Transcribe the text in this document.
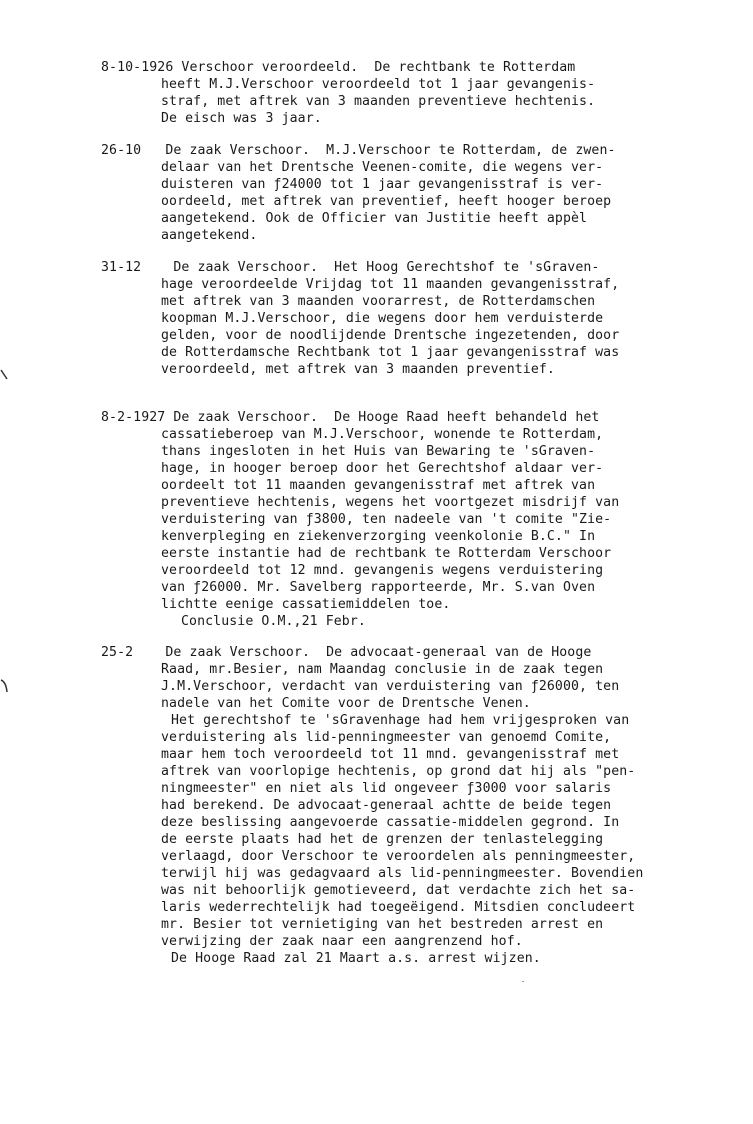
8-10-1926 Verschoor veroordeeld.  De rechtbank te Rotterdam
heeft M.J.Verschoor veroordeeld tot 1 jaar gevangenis-
straf, met aftrek van 3 maanden preventieve hechtenis.
De eisch was 3 jaar.
26-10   De zaak Verschoor.  M.J.Verschoor te Rotterdam, de zwen-
delaar van het Drentsche Veenen-comite, die wegens ver-
duisteren van ƒ24000 tot 1 jaar gevangenisstraf is ver-
oordeeld, met aftrek van preventief, heeft hooger beroep
aangetekend. Ook de Officier van Justitie heeft appèl
aangetekend.
31-12    De zaak Verschoor.  Het Hoog Gerechtshof te 'sGraven-
hage veroordeelde Vrijdag tot 11 maanden gevangenisstraf,
met aftrek van 3 maanden voorarrest, de Rotterdamschen
koopman M.J.Verschoor, die wegens door hem verduisterde
gelden, voor de noodlijdende Drentsche ingezetenden, door
de Rotterdamsche Rechtbank tot 1 jaar gevangenisstraf was
veroordeeld, met aftrek van 3 maanden preventief.
8-2-1927 De zaak Verschoor.  De Hooge Raad heeft behandeld het
cassatieberoep van M.J.Verschoor, wonende te Rotterdam,
thans ingesloten in het Huis van Bewaring te 'sGraven-
hage, in hooger beroep door het Gerechtshof aldaar ver-
oordeelt tot 11 maanden gevangenisstraf met aftrek van
preventieve hechtenis, wegens het voortgezet misdrijf van
verduistering van ƒ3800, ten nadeele van 't comite "Zie-
kenverpleging en ziekenverzorging veenkolonie B.C." In
eerste instantie had de rechtbank te Rotterdam Verschoor
veroordeeld tot 12 mnd. gevangenis wegens verduistering
van ƒ26000. Mr. Savelberg rapporteerde, Mr. S.van Oven
lichtte eenige cassatiemiddelen toe.
Conclusie O.M.,21 Febr.
25-2    De zaak Verschoor.  De advocaat-generaal van de Hooge
Raad, mr.Besier, nam Maandag conclusie in de zaak tegen
J.M.Verschoor, verdacht van verduistering van ƒ26000, ten
nadele van het Comite voor de Drentsche Venen.
Het gerechtshof te 'sGravenhage had hem vrijgesproken van
verduistering als lid-penningmeester van genoemd Comite,
maar hem toch veroordeeld tot 11 mnd. gevangenisstraf met
aftrek van voorlopige hechtenis, op grond dat hij als "pen-
ningmeester" en niet als lid ongeveer ƒ3000 voor salaris
had berekend. De advocaat-generaal achtte de beide tegen
deze beslissing aangevoerde cassatie-middelen gegrond. In
de eerste plaats had het de grenzen der tenlastelegging
verlaagd, door Verschoor te veroordelen als penningmeester,
terwijl hij was gedagvaard als lid-penningmeester. Bovendien
was nit behoorlijk gemotieveerd, dat verdachte zich het sa-
laris wederrechtelijk had toegeëigend. Mitsdien concludeert
mr. Besier tot vernietiging van het bestreden arrest en
verwijzing der zaak naar een aangrenzend hof.
De Hooge Raad zal 21 Maart a.s. arrest wijzen.
